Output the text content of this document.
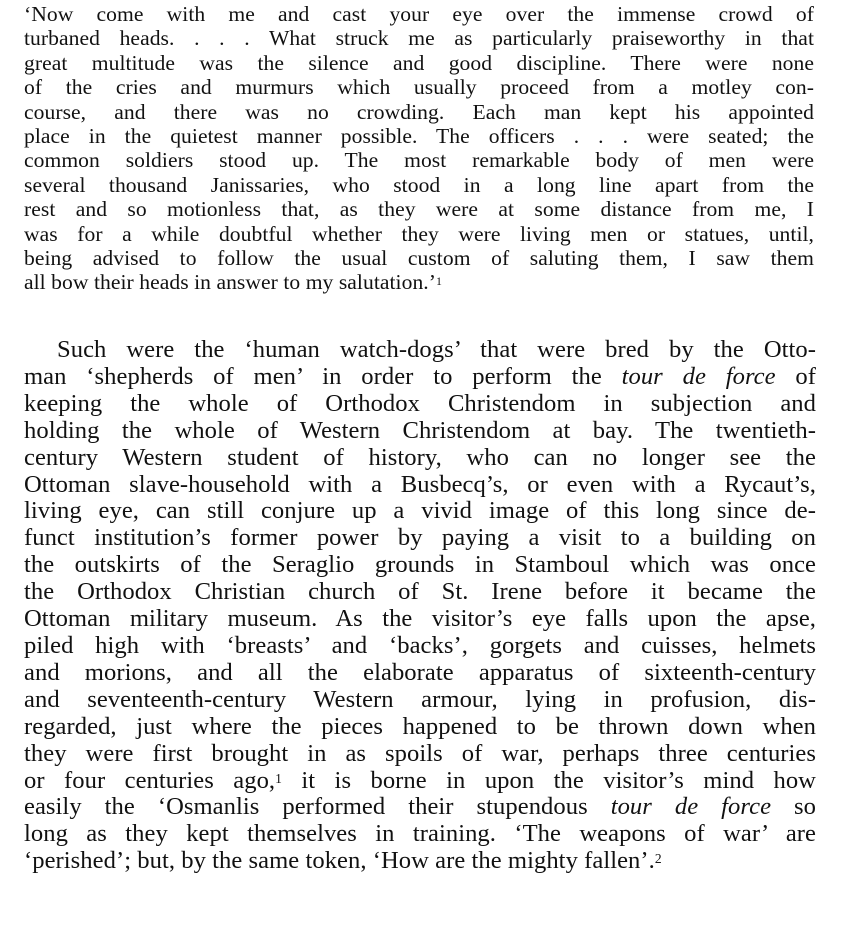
‘Now come with me and cast your eye over the immense crowd of
turbaned heads. . . . What struck me as particularly praiseworthy in that
great multitude was the silence and good discipline. There were none
of the cries and murmurs which usually proceed from a motley con-
course, and there was no crowding. Each man kept his appointed
place in the quietest manner possible. The officers . . . were seated; the
common soldiers stood up. The most remarkable body of men were
several thousand Janissaries, who stood in a long line apart from the
rest and so motionless that, as they were at some distance from me, I
was for a while doubtful whether they were living men or statues, until,
being advised to follow the usual custom of saluting them, I saw them
all bow their heads in answer to my salutation.’$^1$
Such were the ‘human watch-dogs’ that were bred by the Otto-
man ‘shepherds of men’ in order to perform the tour de force of
keeping the whole of Orthodox Christendom in subjection and
holding the whole of Western Christendom at bay. The twentieth-
century Western student of history, who can no longer see the
Ottoman slave-household with a Busbecq’s, or even with a Rycaut’s,
living eye, can still conjure up a vivid image of this long since de-
funct institution’s former power by paying a visit to a building on
the outskirts of the Seraglio grounds in Stamboul which was once
the Orthodox Christian church of St. Irene before it became the
Ottoman military museum. As the visitor’s eye falls upon the apse,
piled high with ‘breasts’ and ‘backs’, gorgets and cuisses, helmets
and morions, and all the elaborate apparatus of sixteenth-century
and seventeenth-century Western armour, lying in profusion, dis-
regarded, just where the pieces happened to be thrown down when
they were first brought in as spoils of war, perhaps three centuries
or four centuries ago,$^1$ it is borne in upon the visitor’s mind how
easily the ‘Osmanlis performed their stupendous tour de force so
long as they kept themselves in training. ‘The weapons of war’ are
‘perished’; but, by the same token, ‘How are the mighty fallen’.$^2$
